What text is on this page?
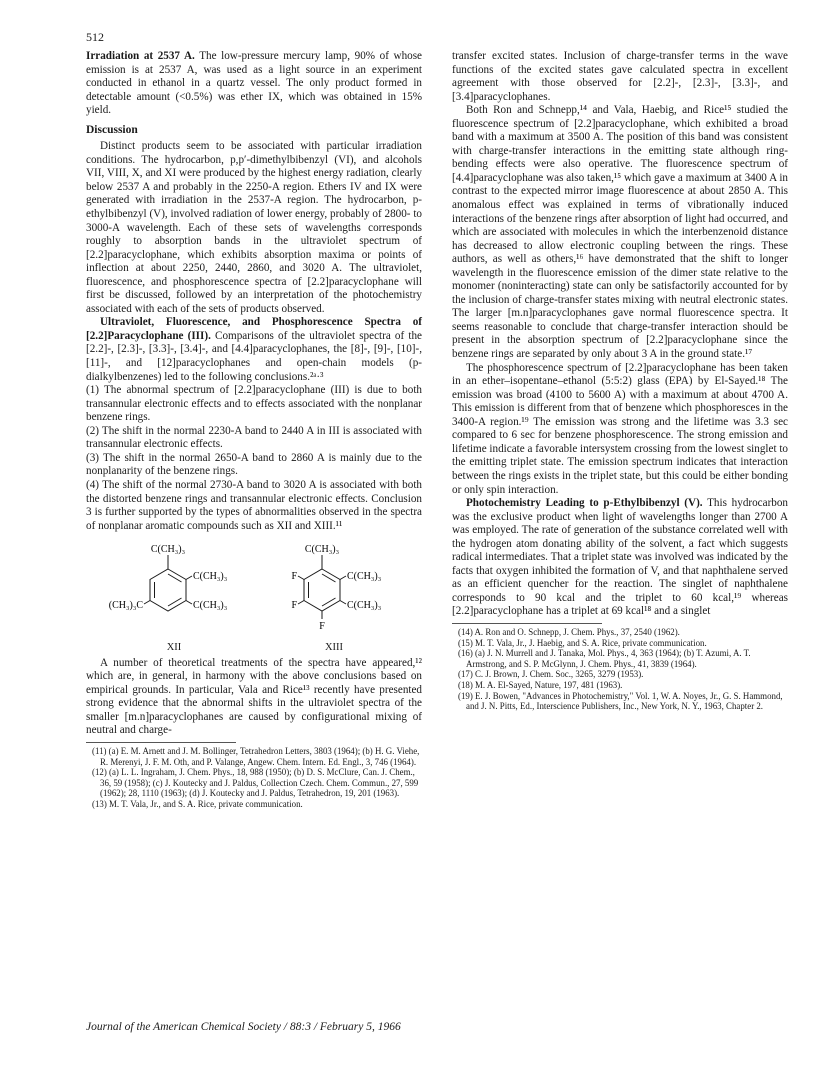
512

Irradiation at 2537 A. The low-pressure mercury lamp, 90% of whose emission is at 2537 A, was used as a light source in an experiment conducted in ethanol in a quartz vessel. The only product formed in detectable amount (<0.5%) was ether IX, which was obtained in 15% yield.

Discussion

Distinct products seem to be associated with particular irradiation conditions. The hydrocarbon, p,p′-dimethylbibenzyl (VI), and alcohols VII, VIII, X, and XI were produced by the highest energy radiation, clearly below 2537 A and probably in the 2250-A region. Ethers IV and IX were generated with irradiation in the 2537-A region. The hydrocarbon, p-ethylbibenzyl (V), involved radiation of lower energy, probably of 2800- to 3000-A wavelength. Each of these sets of wavelengths corresponds roughly to absorption bands in the ultraviolet spectrum of [2.2]paracyclophane, which exhibits absorption maxima or points of inflection at about 2250, 2440, 2860, and 3020 A. The ultraviolet, fluorescence, and phosphorescence spectra of [2.2]paracyclophane will first be discussed, followed by an interpretation of the photochemistry associated with each of the sets of products observed.

Ultraviolet, Fluorescence, and Phosphorescence Spectra of [2.2]Paracyclophane (III). Comparisons of the ultraviolet spectra of the [2.2]-, [2.3]-, [3.3]-, [3.4]-, and [4.4]paracyclophanes, the [8]-, [9]-, [10]-, [11]-, and [12]paracyclophanes and open-chain models (p-dialkylbenzenes) led to the following conclusions.²ᵃ·³

(1) The abnormal spectrum of [2.2]paracyclophane (III) is due to both transannular electronic effects and to effects associated with the nonplanar benzene rings.

(2) The shift in the normal 2230-A band to 2440 A in III is associated with transannular electronic effects.

(3) The shift in the normal 2650-A band to 2860 A is mainly due to the nonplanarity of the benzene rings.

(4) The shift of the normal 2730-A band to 3020 A is associated with both the distorted benzene rings and transannular electronic effects. Conclusion 3 is further supported by the types of abnormalities observed in the spectra of nonplanar aromatic compounds such as XII and XIII.¹¹

C(CH₃)₃
C(CH₃)₃
C(CH₃)₃
(CH₃)₃C
XII
C(CH₃)₃
C(CH₃)₃
C(CH₃)₃
F
F
F
XIII

A number of theoretical treatments of the spectra have appeared,¹² which are, in general, in harmony with the above conclusions based on empirical grounds. In particular, Vala and Rice¹³ recently have presented strong evidence that the abnormal shifts in the ultraviolet spectra of the smaller [m.n]paracyclophanes are caused by configurational mixing of neutral and charge-

(11) (a) E. M. Arnett and J. M. Bollinger, Tetrahedron Letters, 3803 (1964); (b) H. G. Viehe, R. Merenyi, J. F. M. Oth, and P. Valange, Angew. Chem. Intern. Ed. Engl., 3, 746 (1964).

(12) (a) L. L. Ingraham, J. Chem. Phys., 18, 988 (1950); (b) D. S. McClure, Can. J. Chem., 36, 59 (1958); (c) J. Koutecky and J. Paldus, Collection Czech. Chem. Commun., 27, 599 (1962); 28, 1110 (1963); (d) J. Koutecky and J. Paldus, Tetrahedron, 19, 201 (1963).

(13) M. T. Vala, Jr., and S. A. Rice, private communication.

transfer excited states. Inclusion of charge-transfer terms in the wave functions of the excited states gave calculated spectra in excellent agreement with those observed for [2.2]-, [2.3]-, [3.3]-, and [3.4]paracyclophanes.

Both Ron and Schnepp,¹⁴ and Vala, Haebig, and Rice¹⁵ studied the fluorescence spectrum of [2.2]paracyclophane, which exhibited a broad band with a maximum at 3500 A. The position of this band was consistent with charge-transfer interactions in the emitting state although ring-bending effects were also operative. The fluorescence spectrum of [4.4]paracyclophane was also taken,¹⁵ which gave a maximum at 3400 A in contrast to the expected mirror image fluorescence at about 2850 A. This anomalous effect was explained in terms of vibrationally induced interactions of the benzene rings after absorption of light had occurred, and which are associated with molecules in which the interbenzenoid distance has decreased to allow electronic coupling between the rings. These authors, as well as others,¹⁶ have demonstrated that the shift to longer wavelength in the fluorescence emission of the dimer state relative to the monomer (noninteracting) state can only be satisfactorily accounted for by the inclusion of charge-transfer states mixing with neutral electronic states. The larger [m.n]paracyclophanes gave normal fluorescence spectra. It seems reasonable to conclude that charge-transfer interaction should be present in the absorption spectrum of [2.2]paracyclophane since the benzene rings are separated by only about 3 A in the ground state.¹⁷

The phosphorescence spectrum of [2.2]paracyclophane has been taken in an ether–isopentane–ethanol (5:5:2) glass (EPA) by El-Sayed.¹⁸ The emission was broad (4100 to 5600 A) with a maximum at about 4700 A. This emission is different from that of benzene which phosphoresces in the 3400-A region.¹⁹ The emission was strong and the lifetime was 3.3 sec compared to 6 sec for benzene phosphorescence. The strong emission and lifetime indicate a favorable intersystem crossing from the lowest singlet to the emitting triplet state. The emission spectrum indicates that interaction between the rings exists in the triplet state, but this could be either bonding or only spin interaction.

Photochemistry Leading to p-Ethylbibenzyl (V). This hydrocarbon was the exclusive product when light of wavelengths longer than 2700 A was employed. The rate of generation of the substance correlated well with the hydrogen atom donating ability of the solvent, a fact which suggests radical intermediates. That a triplet state was involved was indicated by the facts that oxygen inhibited the formation of V, and that naphthalene served as an efficient quencher for the reaction. The singlet of naphthalene corresponds to 90 kcal and the triplet to 60 kcal,¹⁹ whereas [2.2]paracyclophane has a triplet at 69 kcal¹⁸ and a singlet

(14) A. Ron and O. Schnepp, J. Chem. Phys., 37, 2540 (1962).

(15) M. T. Vala, Jr., J. Haebig, and S. A. Rice, private communication.

(16) (a) J. N. Murrell and J. Tanaka, Mol. Phys., 4, 363 (1964); (b) T. Azumi, A. T. Armstrong, and S. P. McGlynn, J. Chem. Phys., 41, 3839 (1964).

(17) C. J. Brown, J. Chem. Soc., 3265, 3279 (1953).

(18) M. A. El-Sayed, Nature, 197, 481 (1963).

(19) E. J. Bowen, "Advances in Photochemistry," Vol. 1, W. A. Noyes, Jr., G. S. Hammond, and J. N. Pitts, Ed., Interscience Publishers, Inc., New York, N. Y., 1963, Chapter 2.

Journal of the American Chemical Society / 88:3 / February 5, 1966
